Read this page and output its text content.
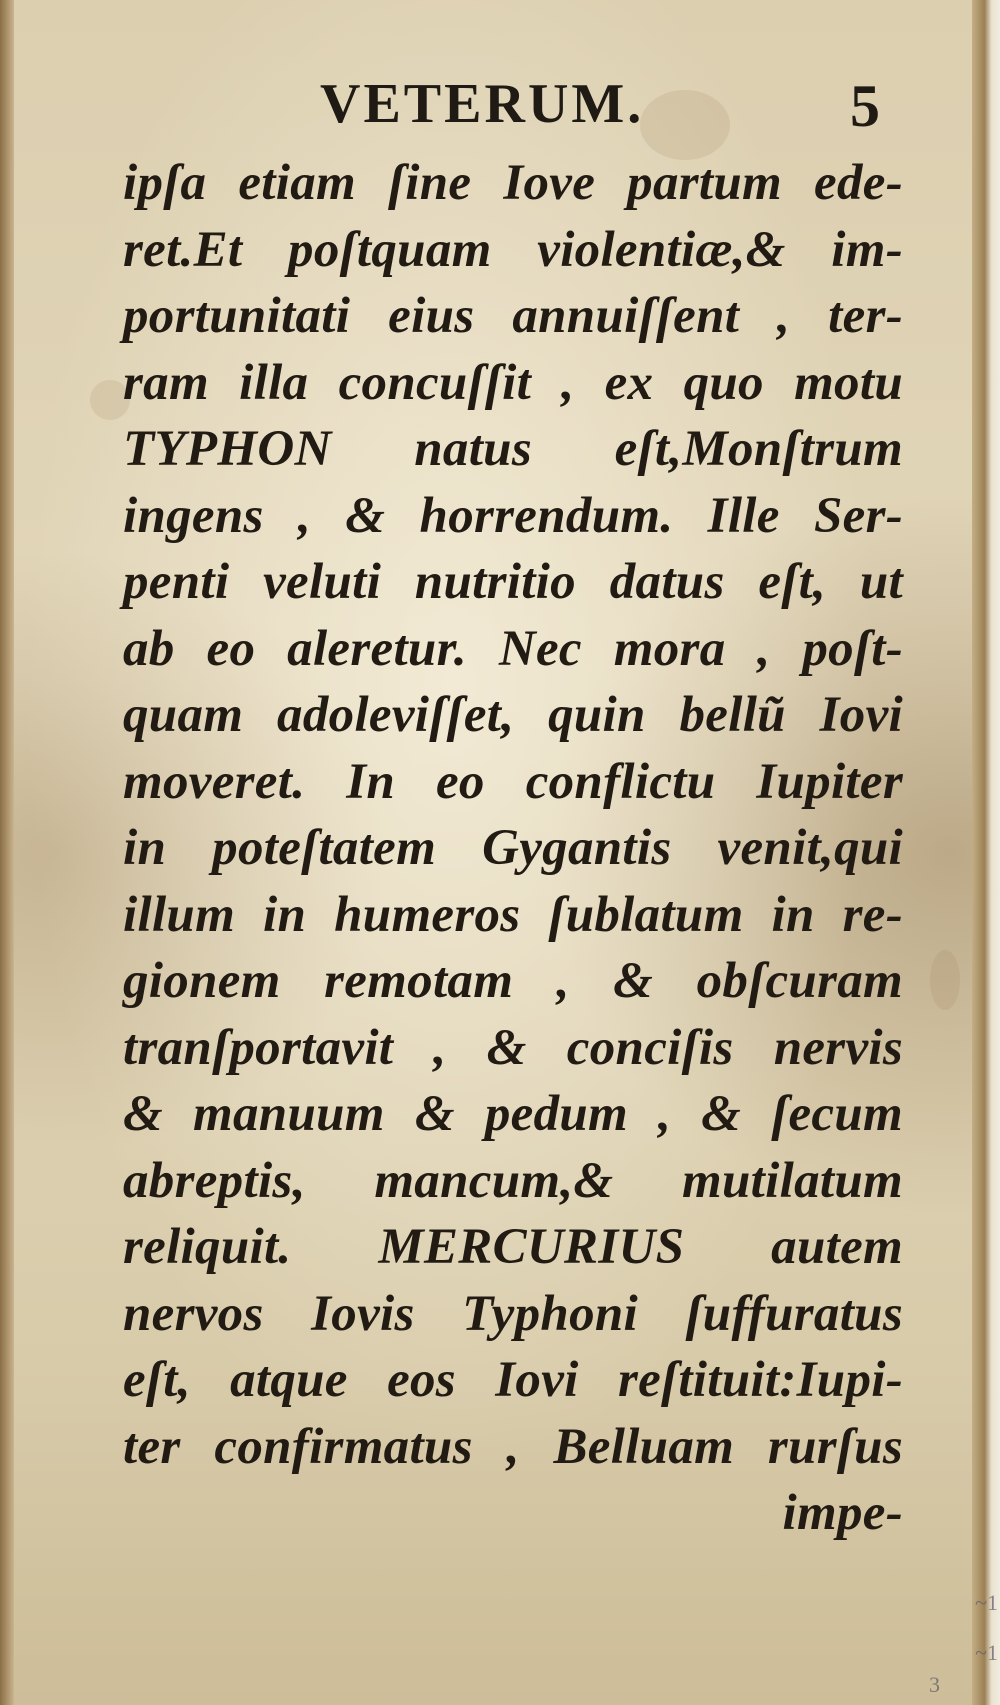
VETERUM.	5
ipſa etiam ſine Iove partum ede-
ret.Et poſtquam violentiæ,& im-
portunitati eius annuiſſent , ter-
ram illa concuſſit , ex quo motu
TYPHON natus eſt,Monſtrum
ingens , & horrendum. Ille Ser-
penti veluti nutritio datus eſt, ut
ab eo aleretur. Nec mora , poſt-
quam adoleviſſet, quin bellũ Iovi
moveret. In eo conflictu Iupiter
in poteſtatem Gygantis venit,qui
illum in humeros ſublatum in re-
gionem remotam , & obſcuram
tranſportavit , & conciſis nervis
& manuum & pedum , & ſecum
abreptis, mancum,& mutilatum
reliquit. MERCURIUS autem
nervos Iovis Typhoni ſuffuratus
eſt, atque eos Iovi reſtituit:Iupi-
ter confirmatus , Belluam rurſus
impe-
~1
~1
3
